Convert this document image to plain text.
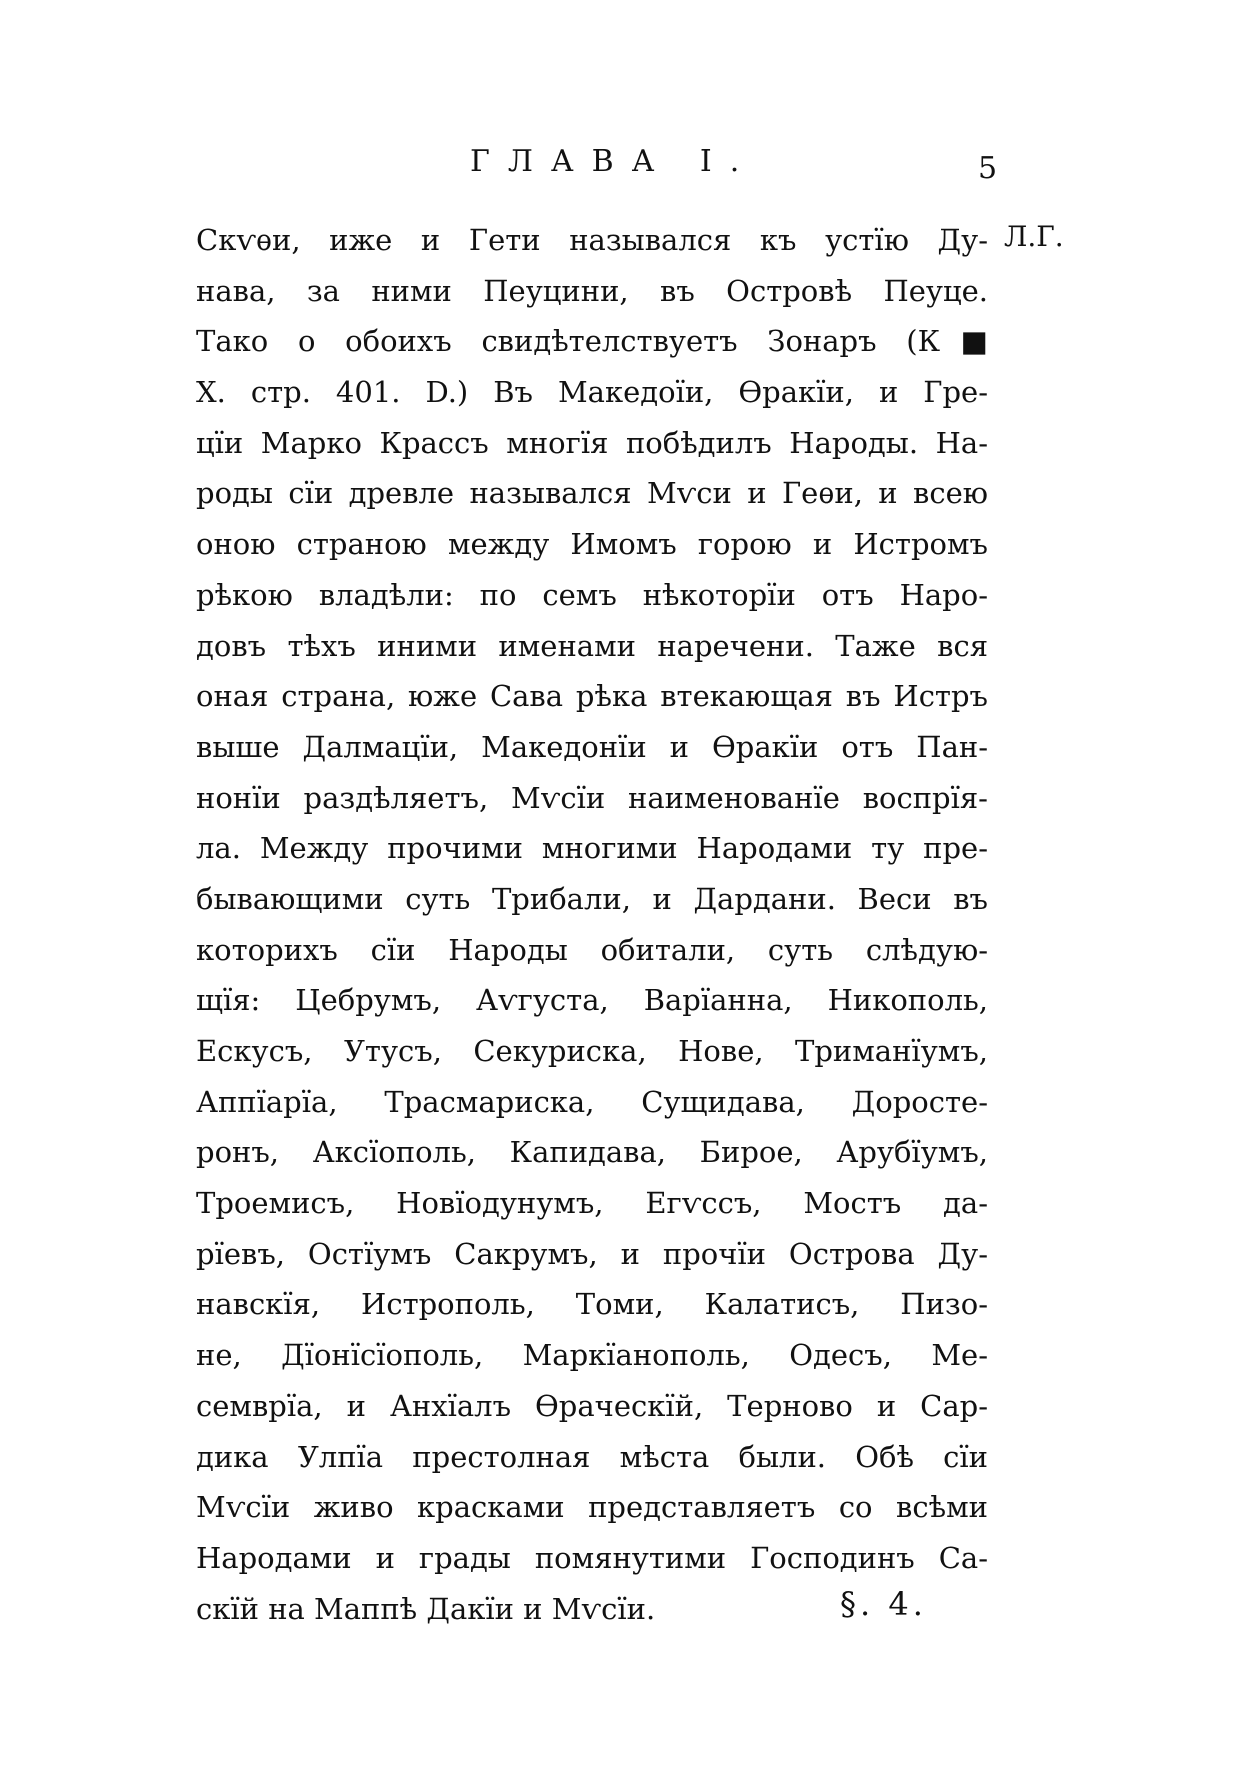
ГЛАВА I.	5
Л.Г.
Скѵѳи, иже и Гети назывался къ устїю Ду-
нава, за ними Пеуцини, въ Островѣ Пеуце.
Тако о обоихъ свидѣтелствуетъ Зонаръ (К■
X. стр. 401. D.) Въ Македоїи, Ѳракїи, и Гре-
цїи Марко Крассъ многїя побѣдилъ Народы. На-
роды сїи древле назывался Мѵси и Геѳи, и всею
оною страною между Имомъ горою и Истромъ
рѣкою владѣли: по семъ нѣкоторїи отъ Наро-
довъ тѣхъ иними именами наречени. Таже вся
оная страна, юже Сава рѣка втекающая въ Истръ
выше Далмацїи, Македонїи и Ѳракїи отъ Пан-
нонїи раздѣляетъ, Мѵсїи наименованїе воспрїя-
ла. Между прочими многими Народами ту пре-
бывающими суть Трибали, и Дардани. Веси въ
которихъ сїи Народы обитали, суть слѣдую-
щїя: Цебрумъ, Аѵгуста, Варїанна, Никополь,
Ескусъ, Утусъ, Секуриска, Нове, Триманїумъ,
Аппїарїа, Трасмариска, Сущидава, Доростe-
ронъ, Аксїополь, Капидава, Бирое, Арубїумъ,
Троемисъ, Новїодунумъ, Егѵссъ, Мостъ да-
рїевъ, Остїумъ Сакрумъ, и прочїи Острова Ду-
навскїя, Истрополь, Томи, Калатисъ, Пизо-
не, Дїонїсїополь, Маркїанополь, Одесъ, Ме-
семврїа, и Анхїалъ Ѳраческїй, Терново и Сар-
дика Улпїа престолная мѣста были. Обѣ сїи
Мѵсїи живо красками представляетъ со всѣми
Народами и грады помянутими Господинъ Са-
скїй на Маппѣ Дакїи и Мѵсїи.	§. 4.
